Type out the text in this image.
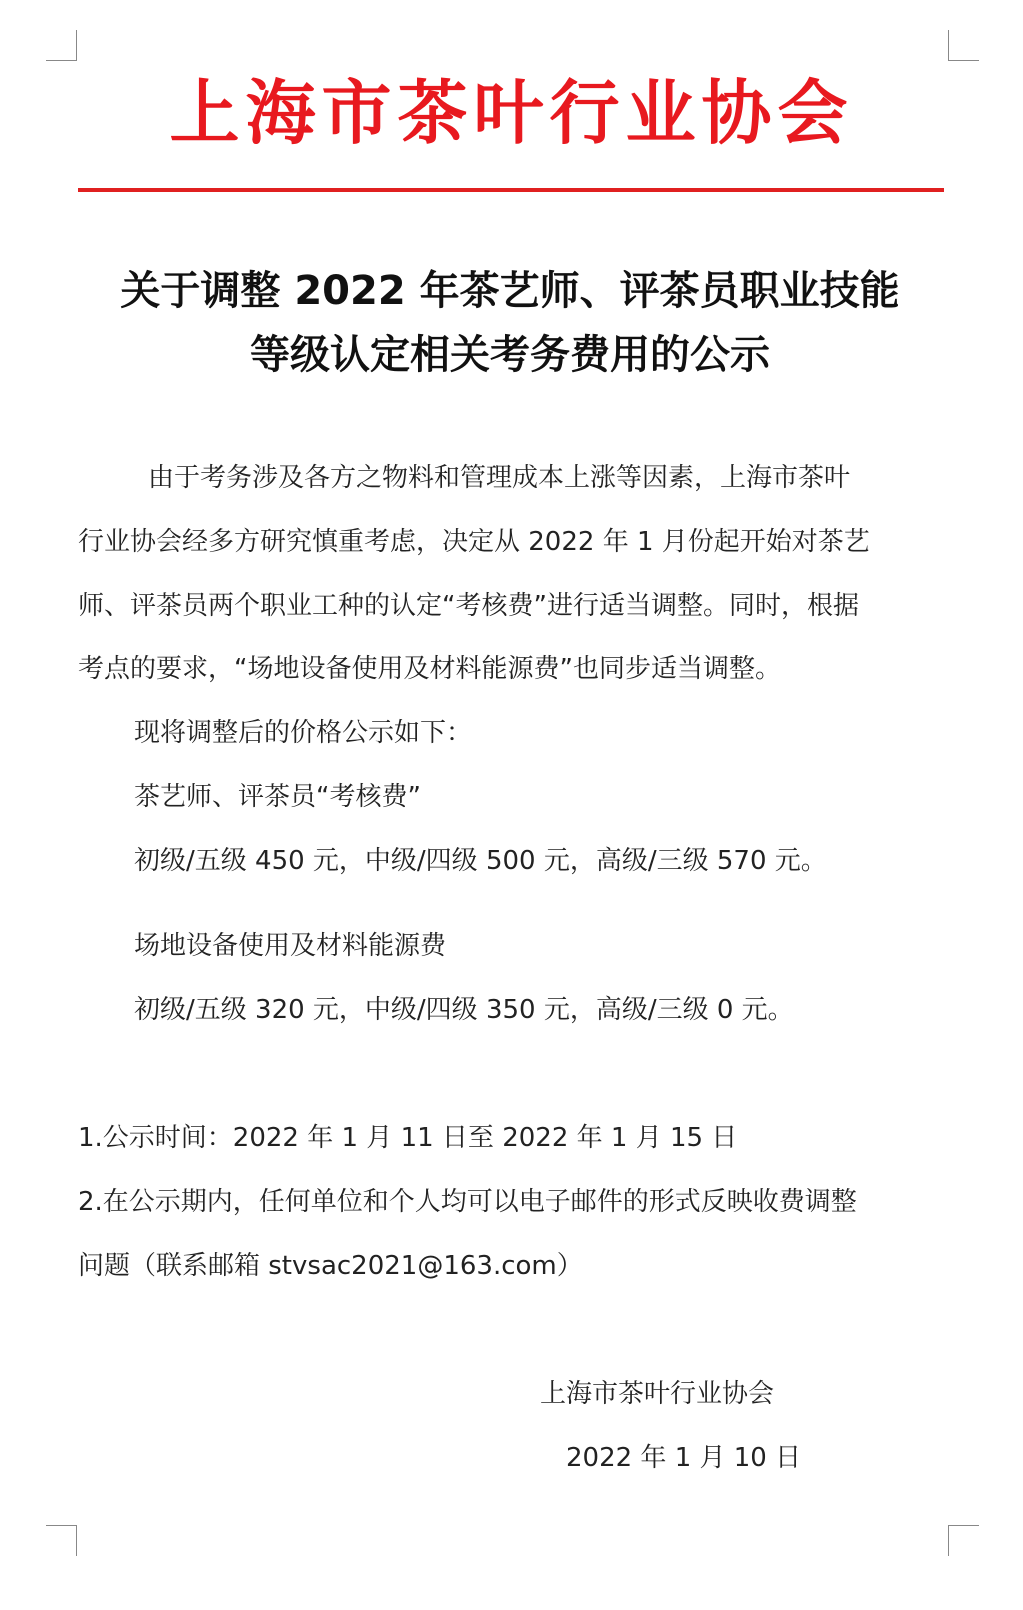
上海市茶叶行业协会
关于调整 2022 年茶艺师、评茶员职业技能
等级认定相关考务费用的公示
由于考务涉及各方之物料和管理成本上涨等因素，上海市茶叶
行业协会经多方研究慎重考虑，决定从 2022 年 1 月份起开始对茶艺
师、评茶员两个职业工种的认定“考核费”进行适当调整。同时，根据
考点的要求，“场地设备使用及材料能源费”也同步适当调整。
现将调整后的价格公示如下：
茶艺师、评茶员“考核费”
初级/五级 450 元，中级/四级 500 元，高级/三级 570 元。
场地设备使用及材料能源费
初级/五级 320 元，中级/四级 350 元，高级/三级 0 元。
1.公示时间：2022 年 1 月 11 日至 2022 年 1 月 15 日
2.在公示期内，任何单位和个人均可以电子邮件的形式反映收费调整
问题（联系邮箱 stvsac2021@163.com）
上海市茶叶行业协会
2022 年 1 月 10 日
